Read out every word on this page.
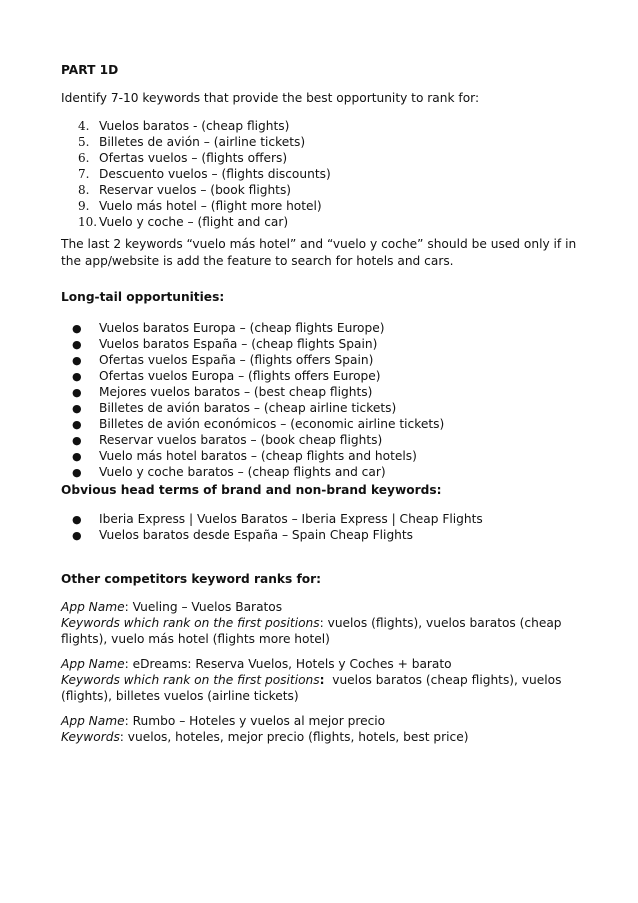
PART 1D
Identify 7-10 keywords that provide the best opportunity to rank for:
4. Vuelos baratos - (cheap flights)
5. Billetes de avión – (airline tickets)
6. Ofertas vuelos – (flights offers)
7. Descuento vuelos – (flights discounts)
8. Reservar vuelos – (book flights)
9. Vuelo más hotel – (flight more hotel)
10. Vuelo y coche – (flight and car)
The last 2 keywords “vuelo más hotel” and “vuelo y coche” should be used only if in
the app/website is add the feature to search for hotels and cars.
Long-tail opportunities:
● Vuelos baratos Europa – (cheap flights Europe)
● Vuelos baratos España – (cheap flights Spain)
● Ofertas vuelos España – (flights offers Spain)
● Ofertas vuelos Europa – (flights offers Europe)
● Mejores vuelos baratos – (best cheap flights)
● Billetes de avión baratos – (cheap airline tickets)
● Billetes de avión económicos – (economic airline tickets)
● Reservar vuelos baratos – (book cheap flights)
● Vuelo más hotel baratos – (cheap flights and hotels)
● Vuelo y coche baratos – (cheap flights and car)
Obvious head terms of brand and non-brand keywords:
● Iberia Express | Vuelos Baratos – Iberia Express | Cheap Flights
● Vuelos baratos desde España – Spain Cheap Flights
Other competitors keyword ranks for:
App Name: Vueling – Vuelos Baratos
Keywords which rank on the first positions: vuelos (flights), vuelos baratos (cheap
flights), vuelo más hotel (flights more hotel)
App Name: eDreams: Reserva Vuelos, Hotels y Coches + barato
Keywords which rank on the first positions:  vuelos baratos (cheap flights), vuelos
(flights), billetes vuelos (airline tickets)
App Name: Rumbo – Hoteles y vuelos al mejor precio
Keywords: vuelos, hoteles, mejor precio (flights, hotels, best price)
